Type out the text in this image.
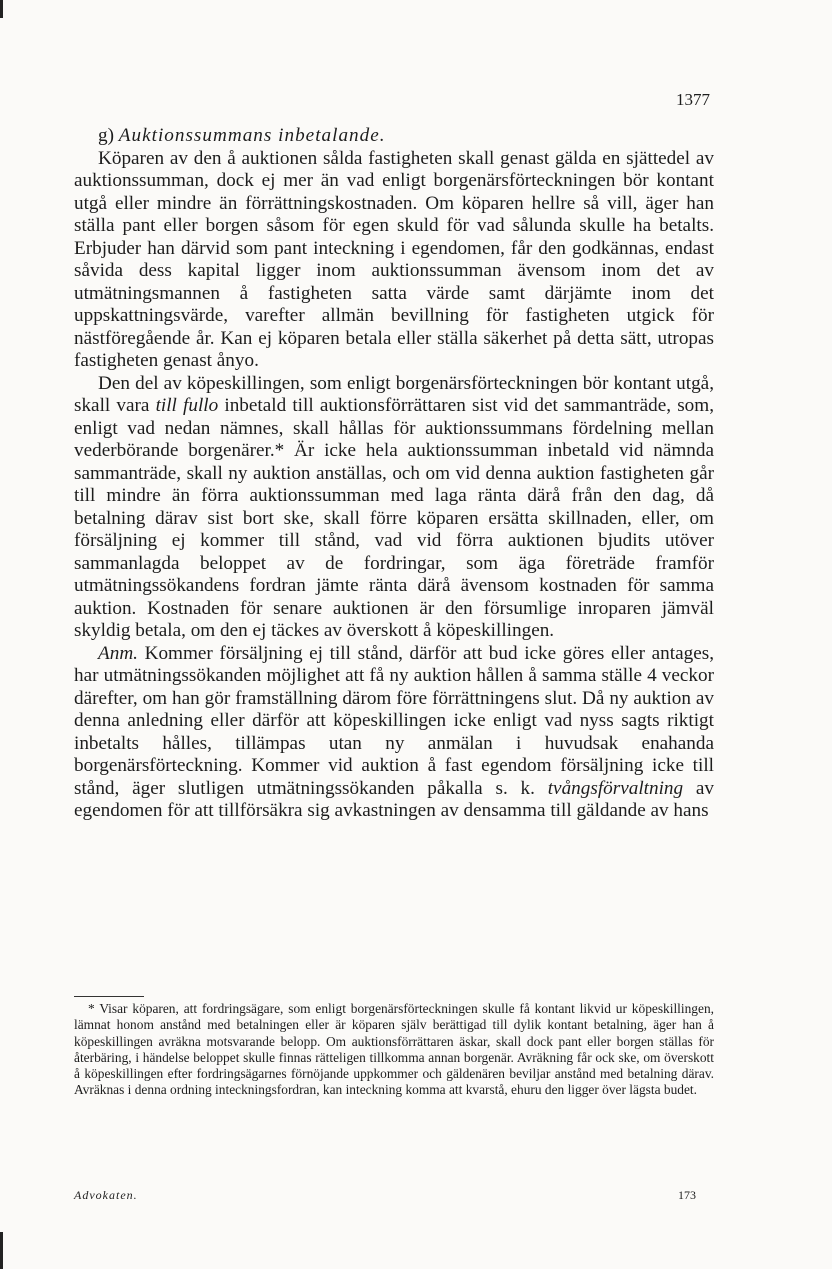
1377

g) Auktionssummans inbetalande.

Köparen av den å auktionen sålda fastigheten skall genast gälda en sjättedel av auktionssumman, dock ej mer än vad enligt borgenärsförteckningen bör kontant utgå eller mindre än förrättningskostnaden. Om köparen hellre så vill, äger han ställa pant eller borgen såsom för egen skuld för vad sålunda skulle ha betalts. Erbjuder han därvid som pant inteckning i egendomen, får den godkännas, endast såvida dess kapital ligger inom auktionssumman ävensom inom det av utmätningsmannen å fastigheten satta värde samt därjämte inom det uppskattningsvärde, varefter allmän bevillning för fastigheten utgick för nästföregående år. Kan ej köparen betala eller ställa säkerhet på detta sätt, utropas fastigheten genast ånyo.

Den del av köpeskillingen, som enligt borgenärsförteckningen bör kontant utgå, skall vara till fullo inbetald till auktionsförrättaren sist vid det sammanträde, som, enligt vad nedan nämnes, skall hållas för auktionssummans fördelning mellan vederbörande borgenärer.* Är icke hela auktionssumman inbetald vid nämnda sammanträde, skall ny auktion anställas, och om vid denna auktion fastigheten går till mindre än förra auktionssumman med laga ränta därå från den dag, då betalning därav sist bort ske, skall förre köparen ersätta skillnaden, eller, om försäljning ej kommer till stånd, vad vid förra auktionen bjudits utöver sammanlagda beloppet av de fordringar, som äga företräde framför utmätningssökandens fordran jämte ränta därå ävensom kostnaden för samma auktion. Kostnaden för senare auktionen är den försumlige inroparen jämväl skyldig betala, om den ej täckes av överskott å köpeskillingen.

Anm. Kommer försäljning ej till stånd, därför att bud icke göres eller antages, har utmätningssökanden möjlighet att få ny auktion hållen å samma ställe 4 veckor därefter, om han gör framställning därom före förrättningens slut. Då ny auktion av denna anledning eller därför att köpeskillingen icke enligt vad nyss sagts riktigt inbetalts hålles, tillämpas utan ny anmälan i huvudsak enahanda borgenärsförteckning. Kommer vid auktion å fast egendom försäljning icke till stånd, äger slutligen utmätningssökanden påkalla s. k. tvångsförvaltning av egendomen för att tillförsäkra sig avkastningen av densamma till gäldande av hans

* Visar köparen, att fordringsägare, som enligt borgenärsförteckningen skulle få kontant likvid ur köpeskillingen, lämnat honom anstånd med betalningen eller är köparen själv berättigad till dylik kontant betalning, äger han å köpeskillingen avräkna motsvarande belopp. Om auktionsförrättaren äskar, skall dock pant eller borgen ställas för återbäring, i händelse beloppet skulle finnas rätteligen tillkomma annan borgenär. Avräkning får ock ske, om överskott å köpeskillingen efter fordringsägarnes förnöjande uppkommer och gäldenären beviljar anstånd med betalning därav. Avräknas i denna ordning inteckningsfordran, kan inteckning komma att kvarstå, ehuru den ligger över lägsta budet.

Advokaten.	173
